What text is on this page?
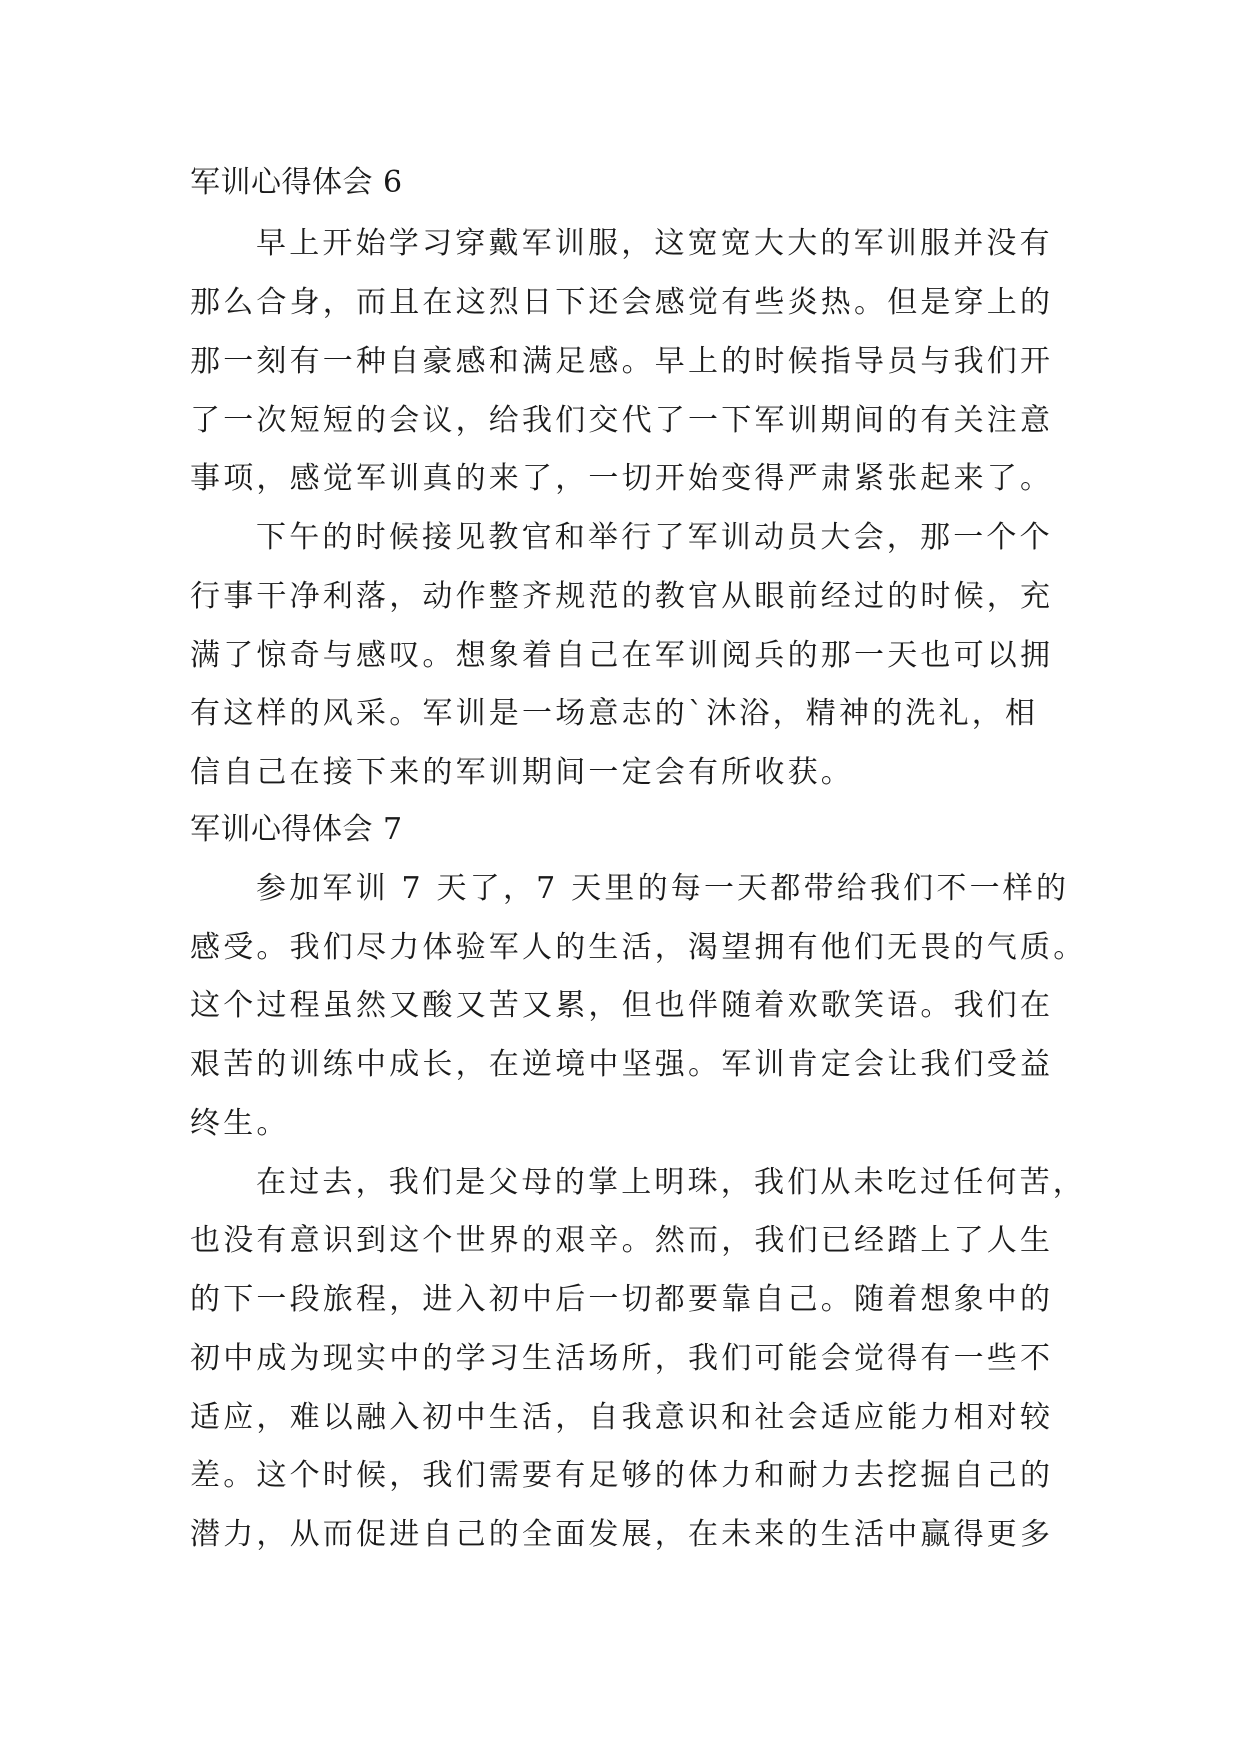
军训心得体会 6
早上开始学习穿戴军训服，这宽宽大大的军训服并没有
那么合身，而且在这烈日下还会感觉有些炎热。但是穿上的
那一刻有一种自豪感和满足感。早上的时候指导员与我们开
了一次短短的会议，给我们交代了一下军训期间的有关注意
事项，感觉军训真的来了，一切开始变得严肃紧张起来了。
下午的时候接见教官和举行了军训动员大会，那一个个
行事干净利落，动作整齐规范的教官从眼前经过的时候，充
满了惊奇与感叹。想象着自己在军训阅兵的那一天也可以拥
有这样的风采。军训是一场意志的`沐浴，精神的洗礼，相
信自己在接下来的军训期间一定会有所收获。
军训心得体会 7
参加军训 7 天了，7 天里的每一天都带给我们不一样的
感受。我们尽力体验军人的生活，渴望拥有他们无畏的气质。
这个过程虽然又酸又苦又累，但也伴随着欢歌笑语。我们在
艰苦的训练中成长，在逆境中坚强。军训肯定会让我们受益
终生。
在过去，我们是父母的掌上明珠，我们从未吃过任何苦，
也没有意识到这个世界的艰辛。然而，我们已经踏上了人生
的下一段旅程，进入初中后一切都要靠自己。随着想象中的
初中成为现实中的学习生活场所，我们可能会觉得有一些不
适应，难以融入初中生活，自我意识和社会适应能力相对较
差。这个时候，我们需要有足够的体力和耐力去挖掘自己的
潜力，从而促进自己的全面发展，在未来的生活中赢得更多
